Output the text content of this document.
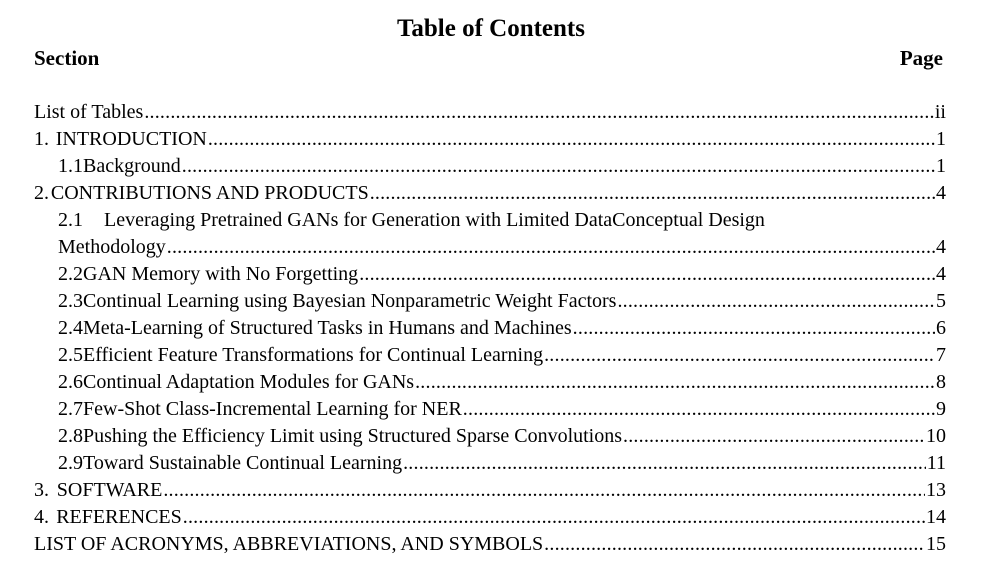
Table of Contents
Section	Page
List of Tables .....	ii
1. INTRODUCTION .....	1
1.1 Background .....	1
2. CONTRIBUTIONS AND PRODUCTS .....	4
2.1 Leveraging Pretrained GANs for Generation with Limited DataConceptual Design
Methodology .....	4
2.2 GAN Memory with No Forgetting .....	4
2.3 Continual Learning using Bayesian Nonparametric Weight Factors .....	5
2.4 Meta-Learning of Structured Tasks in Humans and Machines .....	6
2.5 Efficient Feature Transformations for Continual Learning .....	7
2.6 Continual Adaptation Modules for GANs .....	8
2.7 Few-Shot Class-Incremental Learning for NER .....	9
2.8 Pushing the Efficiency Limit using Structured Sparse Convolutions .....	10
2.9 Toward Sustainable Continual Learning .....	11
3. SOFTWARE .....	13
4. REFERENCES .....	14
LIST OF ACRONYMS, ABBREVIATIONS, AND SYMBOLS .....	15
